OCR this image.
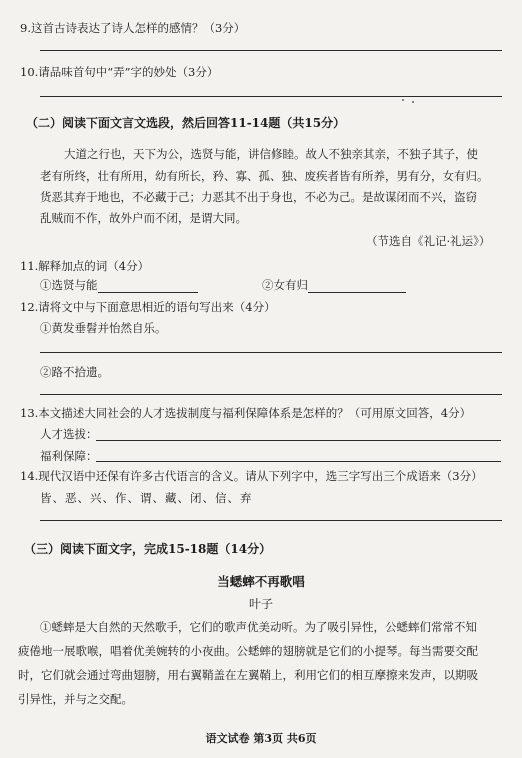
9.这首古诗表达了诗人怎样的感情？（3分）
10.请品味首句中“弄”字的妙处（3分）
（二）阅读下面文言文选段，然后回答11-14题（共15分）
大道之行也，天下为公，选贤与能，讲信修睦。故人不独亲其亲，不独子其子，使
老有所终，壮有所用，幼有所长，矜、寡、孤、独、废疾者皆有所养，男有分，女有归。
货恶其弃于地也，不必藏于己；力恶其不出于身也，不必为己。是故谋闭而不兴，盗窃
乱贼而不作，故外户而不闭，是谓大同。
（节选自《礼记·礼运》）
11.解释加点的词（4分）
①选贤与能	②女有归
12.请将文中与下面意思相近的语句写出来（4分）
①黄发垂髫并怡然自乐。
②路不拾遗。
13.本文描述大同社会的人才选拔制度与福利保障体系是怎样的？（可用原文回答，4分）
人才选拔：
福利保障：
14.现代汉语中还保有许多古代语言的含义。请从下列字中，选三字写出三个成语来（3分）
皆、恶、兴、作、谓、藏、闭、信、弃
（三）阅读下面文字，完成15-18题（14分）
当蟋蟀不再歌唱
叶子
①蟋蟀是大自然的天然歌手，它们的歌声优美动听。为了吸引异性，公蟋蟀们常常不知
疲倦地一展歌喉，唱着优美婉转的小夜曲。公蟋蟀的翅膀就是它们的小提琴。每当需要交配
时，它们就会通过弯曲翅膀，用右翼鞘盖在左翼鞘上，利用它们的相互摩擦来发声，以期吸
引异性，并与之交配。
语文试卷 第3页 共6页
